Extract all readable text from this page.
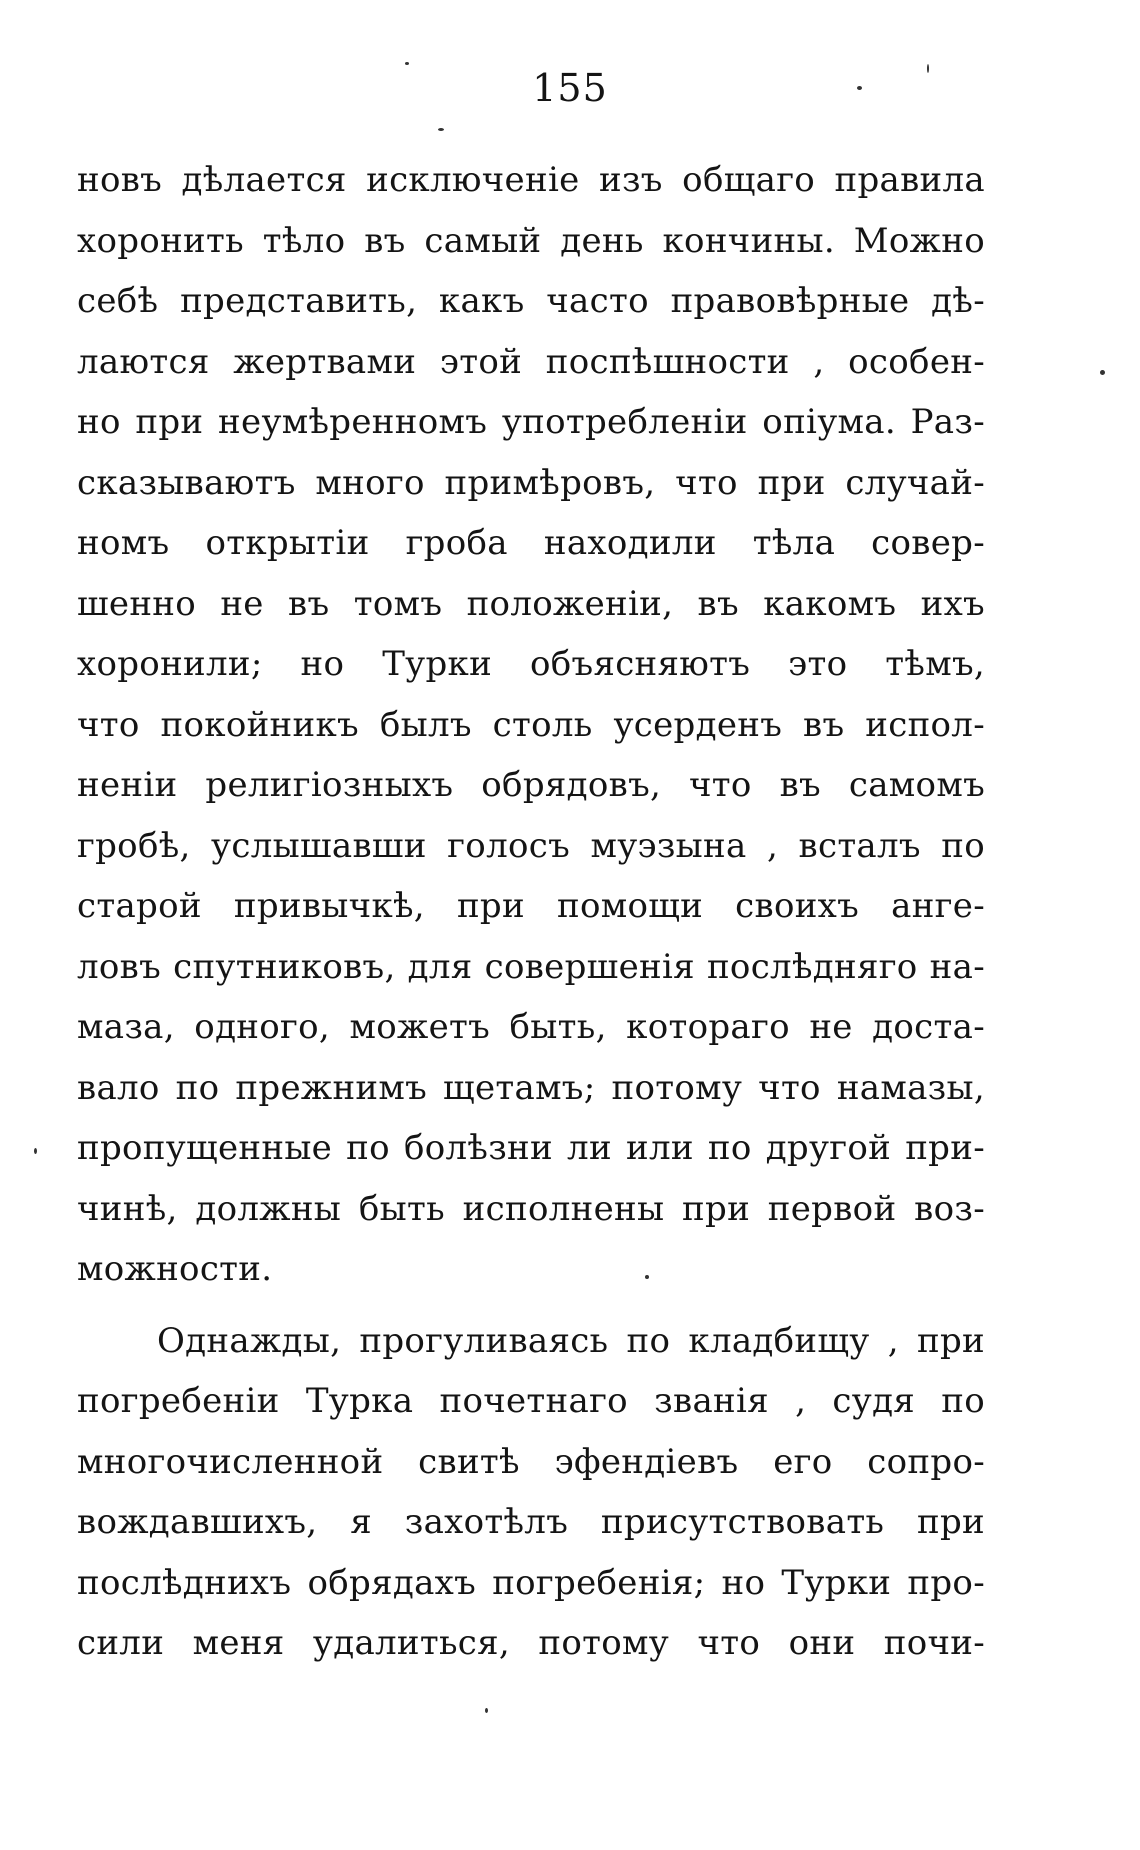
155
новъ дѣлается исключенiе изъ общаго правила
хоронить тѣло въ самый день кончины. Можно
себѣ представить, какъ часто правовѣрные дѣ-
лаются жертвами этой поспѣшности , особен-
но при неумѣренномъ употребленiи опiума. Раз-
сказываютъ много примѣровъ, что при случай-
номъ открытiи гроба находили тѣла совер-
шенно не въ томъ положенiи, въ какомъ ихъ
хоронили; но Турки объясняютъ это тѣмъ,
что покойникъ былъ столь усерденъ въ испол-
ненiи религiозныхъ обрядовъ, что въ самомъ
гробѣ, услышавши голосъ муэзына , всталъ по
старой привычкѣ, при помощи своихъ анге-
ловъ спутниковъ, для совершенiя послѣдняго на-
маза, одного, можетъ быть, котораго не доста-
вало по прежнимъ щетамъ; потому что намазы,
пропущенные по болѣзни ли или по другой при-
чинѣ, должны быть исполнены при первой воз-
можности.
Однажды, прогуливаясь по кладбищу , при
погребенiи Турка почетнаго званiя , судя по
многочисленной свитѣ эфендiевъ его сопро-
вождавшихъ, я захотѣлъ присутствовать при
послѣднихъ обрядахъ погребенiя; но Турки про-
сили меня удалиться, потому что они почи-
